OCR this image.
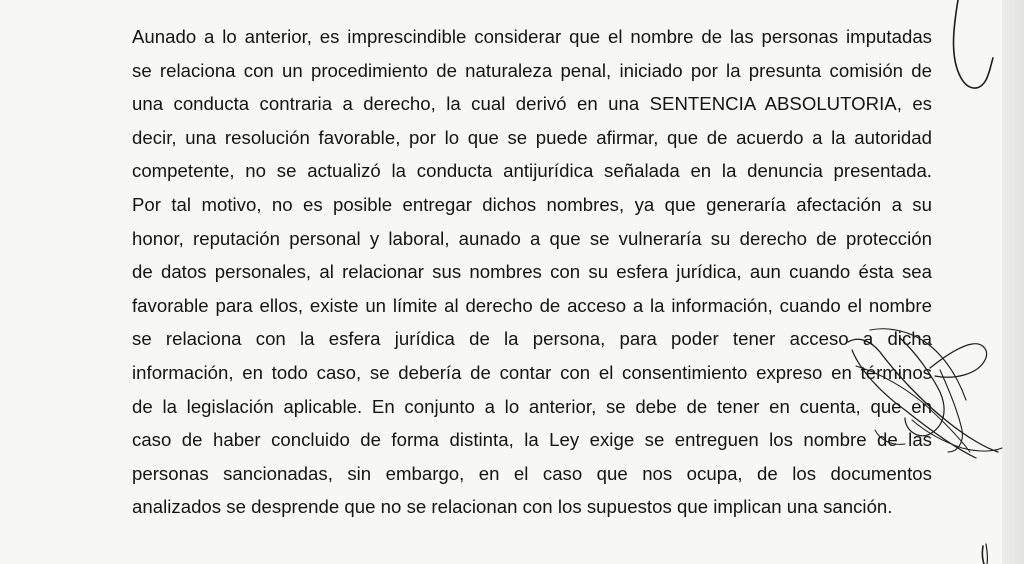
Aunado a lo anterior, es imprescindible considerar que el nombre de las personas imputadas
se relaciona con un procedimiento de naturaleza penal, iniciado por la presunta comisión de
una conducta contraria a derecho, la cual derivó en una SENTENCIA ABSOLUTORIA, es
decir, una resolución favorable, por lo que se puede afirmar, que de acuerdo a la autoridad
competente, no se actualizó la conducta antijurídica señalada en la denuncia presentada.
Por tal motivo, no es posible entregar dichos nombres, ya que generaría afectación a su
honor, reputación personal y laboral, aunado a que se vulneraría su derecho de protección
de datos personales, al relacionar sus nombres con su esfera jurídica, aun cuando ésta sea
favorable para ellos, existe un límite al derecho de acceso a la información, cuando el nombre
se relaciona con la esfera jurídica de la persona, para poder tener acceso a dicha
información, en todo caso, se debería de contar con el consentimiento expreso en términos
de la legislación aplicable. En conjunto a lo anterior, se debe de tener en cuenta, que en
caso de haber concluido de forma distinta, la Ley exige se entreguen los nombre de las
personas sancionadas, sin embargo, en el caso que nos ocupa, de los documentos
analizados se desprende que no se relacionan con los supuestos que implican una sanción.
